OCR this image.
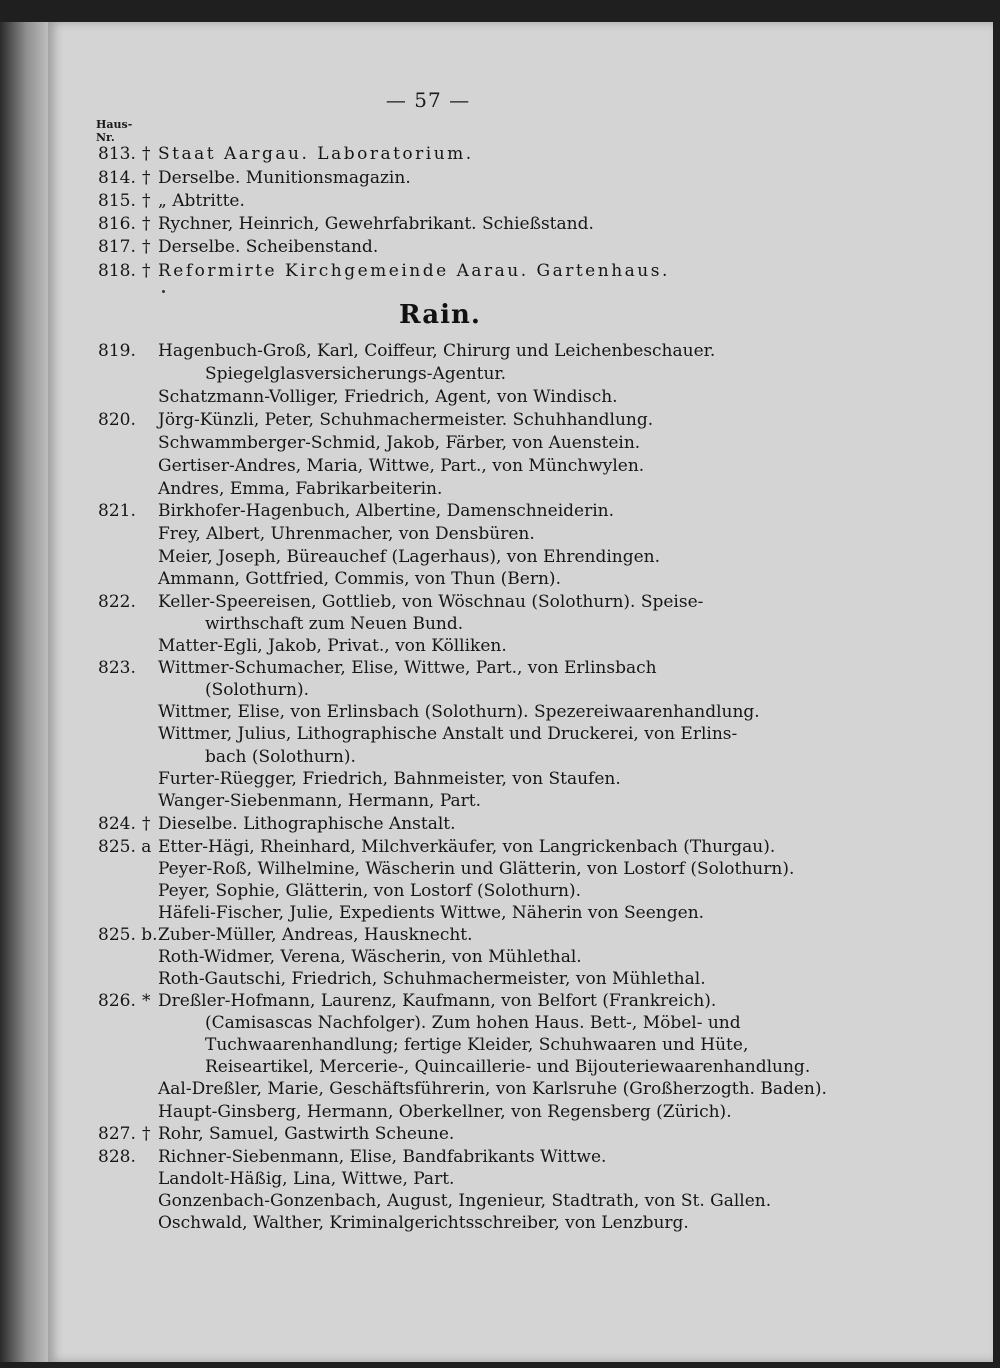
— 57 —
Haus-
Nr.
Rain.
813. † Staat Aargau. Laboratorium.
814. † Derselbe. Munitionsmagazin.
815. † „ Abtritte.
816. † Rychner, Heinrich, Gewehrfabrikant. Schießstand.
817. † Derselbe. Scheibenstand.
818. † Reformirte Kirchgemeinde Aarau. Gartenhaus.
819.	Hagenbuch-Groß, Karl, Coiffeur, Chirurg und Leichenbeschauer.
Spiegelglasversicherungs-Agentur.
Schatzmann-Volliger, Friedrich, Agent, von Windisch.
820.	Jörg-Künzli, Peter, Schuhmachermeister. Schuhhandlung.
Schwammberger-Schmid, Jakob, Färber, von Auenstein.
Gertiser-Andres, Maria, Wittwe, Part., von Münchwylen.
Andres, Emma, Fabrikarbeiterin.
821.	Birkhofer-Hagenbuch, Albertine, Damenschneiderin.
Frey, Albert, Uhrenmacher, von Densbüren.
Meier, Joseph, Büreauchef (Lagerhaus), von Ehrendingen.
Ammann, Gottfried, Commis, von Thun (Bern).
822.	Keller-Speereisen, Gottlieb, von Wöschnau (Solothurn). Speise-
wirthschaft zum Neuen Bund.
Matter-Egli, Jakob, Privat., von Kölliken.
823.	Wittmer-Schumacher, Elise, Wittwe, Part., von Erlinsbach
(Solothurn).
Wittmer, Elise, von Erlinsbach (Solothurn). Spezereiwaarenhandlung.
Wittmer, Julius, Lithographische Anstalt und Druckerei, von Erlins-
bach (Solothurn).
Furter-Rüegger, Friedrich, Bahnmeister, von Staufen.
Wanger-Siebenmann, Hermann, Part.
824. † Dieselbe. Lithographische Anstalt.
825. a Etter-Hägi, Rheinhard, Milchverkäufer, von Langrickenbach (Thurgau).
Peyer-Roß, Wilhelmine, Wäscherin und Glätterin, von Lostorf (Solothurn).
Peyer, Sophie, Glätterin, von Lostorf (Solothurn).
Häfeli-Fischer, Julie, Expedients Wittwe, Näherin von Seengen.
825. b. Zuber-Müller, Andreas, Hausknecht.
Roth-Widmer, Verena, Wäscherin, von Mühlethal.
Roth-Gautschi, Friedrich, Schuhmachermeister, von Mühlethal.
826. * Dreßler-Hofmann, Laurenz, Kaufmann, von Belfort (Frankreich).
(Camisascas Nachfolger). Zum hohen Haus. Bett-, Möbel- und
Tuchwaarenhandlung; fertige Kleider, Schuhwaaren und Hüte,
Reiseartikel, Mercerie-, Quincaillerie- und Bijouteriewaarenhandlung.
Aal-Dreßler, Marie, Geschäftsführerin, von Karlsruhe (Großherzogth. Baden).
Haupt-Ginsberg, Hermann, Oberkellner, von Regensberg (Zürich).
827. † Rohr, Samuel, Gastwirth Scheune.
828.	Richner-Siebenmann, Elise, Bandfabrikants Wittwe.
Landolt-Häßig, Lina, Wittwe, Part.
Gonzenbach-Gonzenbach, August, Ingenieur, Stadtrath, von St. Gallen.
Oschwald, Walther, Kriminalgerichtsschreiber, von Lenzburg.
